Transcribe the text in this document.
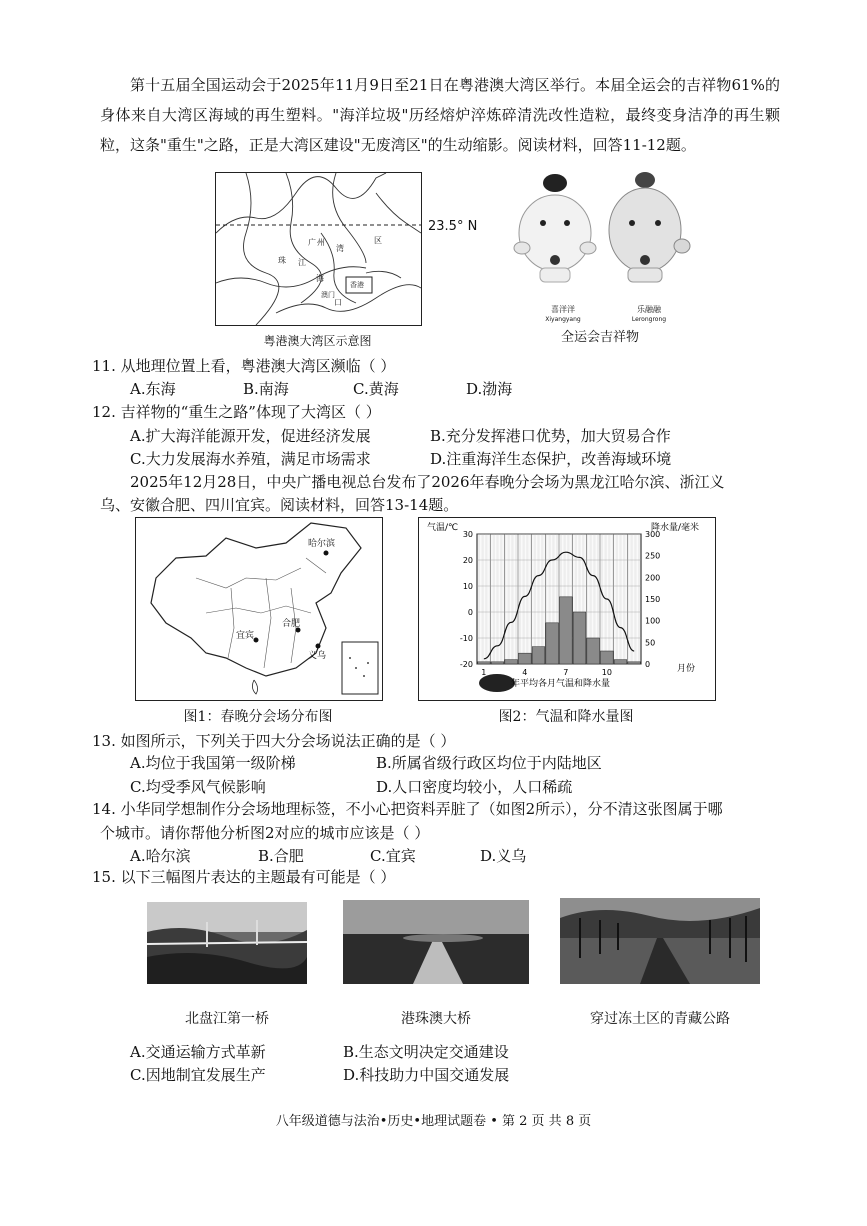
第十五届全国运动会于2025年11月9日至21日在粤港澳大湾区举行。本届全运会的吉祥物61%的身体来自大湾区海域的再生塑料。"海洋垃圾"历经熔炉淬炼碎清洗改性造粒，最终变身洁净的再生颗粒，这条"重生"之路，正是大湾区建设"无废湾区"的生动缩影。阅读材料，回答11-12题。
广 州
湾
区
珠 江
海
口
香港
澳门
23.5° N
粤港澳大湾区示意图
喜洋洋
Xiyangyang
乐融融
Lerongrong
全运会吉祥物
11. 从地理位置上看，粤港澳大湾区濒临（ ）
A.东海	B.南海	C.黄海	D.渤海
12. 吉祥物的“重生之路”体现了大湾区（ ）
A.扩大海洋能源开发，促进经济发展	B.充分发挥港口优势，加大贸易合作
C.大力发展海水养殖，满足市场需求	D.注重海洋生态保护，改善海域环境
2025年12月28日，中央广播电视总台发布了2026年春晚分会场为黑龙江哈尔滨、浙江义
乌、安徽合肥、四川宜宾。阅读材料，回答13-14题。
哈尔滨
合肥
宜宾
义乌
图1：春晚分会场分布图
气温/℃	降水量/毫米
月份
-20
-10
0
10
20
30
0
50
100
150
200
250
300
1	4	7	10
年平均各月气温和降水量
图2：气温和降水量图
13. 如图所示，下列关于四大分会场说法正确的是（ ）
A.均位于我国第一级阶梯	B.所属省级行政区均位于内陆地区
C.均受季风气候影响	D.人口密度均较小，人口稀疏
14. 小华同学想制作分会场地理标签，不小心把资料弄脏了（如图2所示），分不清这张图属于哪
个城市。请你帮他分析图2对应的城市应该是（ ）
A.哈尔滨	B.合肥	C.宜宾	D.义乌
15. 以下三幅图片表达的主题最有可能是（ ）
北盘江第一桥	港珠澳大桥	穿过冻土区的青藏公路
A.交通运输方式革新	B.生态文明决定交通建设
C.因地制宜发展生产	D.科技助力中国交通发展
八年级道德与法治•历史•地理试题卷 • 第 2 页 共 8 页
